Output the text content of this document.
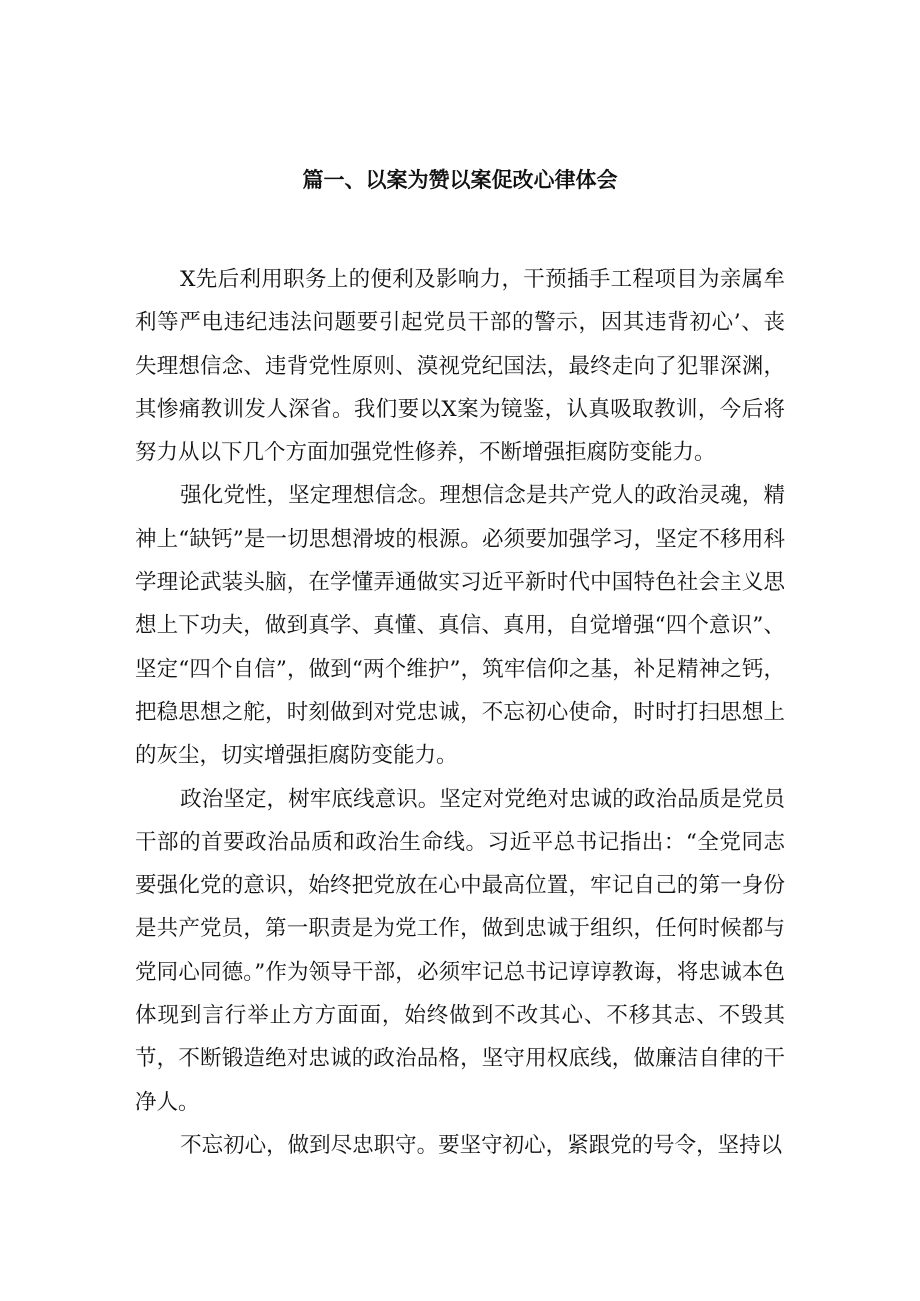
篇一、以案为赞以案促改心律体会

X先后利用职务上的便利及影响力，干预插手工程项目为亲属牟利等严电违纪违法问题要引起党员干部的警示，因其违背初心’、丧失理想信念、违背党性原则、漠视党纪国法，最终走向了犯罪深渊，其惨痛教训发人深省。我们要以X案为镜鉴，认真吸取教训，今后将努力从以下几个方面加强党性修养，不断增强拒腐防变能力。

强化党性，坚定理想信念。理想信念是共产党人的政治灵魂，精神上“缺钙”是一切思想滑坡的根源。必须要加强学习，坚定不移用科学理论武装头脑，在学懂弄通做实习近平新时代中国特色社会主义思想上下功夫，做到真学、真懂、真信、真用，自觉增强“四个意识”、坚定“四个自信”，做到“两个维护”，筑牢信仰之基，补足精神之钙，把稳思想之舵，时刻做到对党忠诚，不忘初心使命，时时打扫思想上的灰尘，切实增强拒腐防变能力。

政治坚定，树牢底线意识。坚定对党绝对忠诚的政治品质是党员干部的首要政治品质和政治生命线。习近平总书记指出：“全党同志要强化党的意识，始终把党放在心中最高位置，牢记自己的第一身份是共产党员，第一职责是为党工作，做到忠诚于组织，任何时候都与党同心同德。”作为领导干部，必须牢记总书记谆谆教诲，将忠诚本色体现到言行举止方方面面，始终做到不改其心、不移其志、不毁其节，不断锻造绝对忠诚的政治品格，坚守用权底线，做廉洁自律的干净人。

不忘初心，做到尽忠职守。要坚守初心，紧跟党的号令，坚持以
